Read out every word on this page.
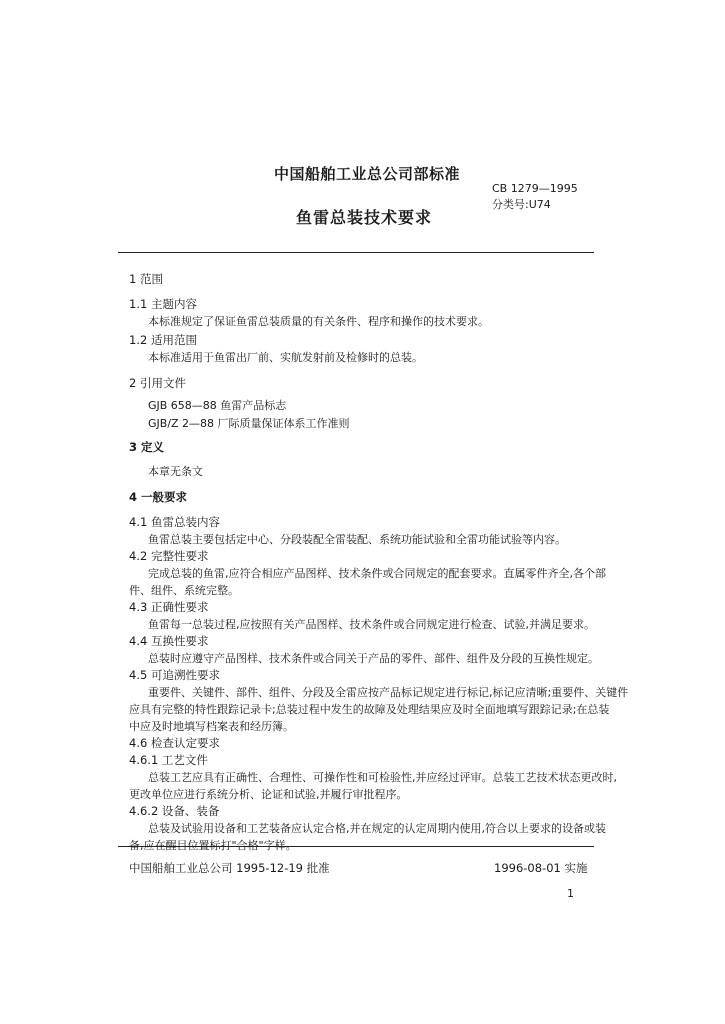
中国船舶工业总公司部标准
CB 1279—1995
分类号:U74
鱼雷总装技术要求
1 范围
1.1 主题内容
本标准规定了保证鱼雷总装质量的有关条件、程序和操作的技术要求。
1.2 适用范围
本标准适用于鱼雷出厂前、实航发射前及检修时的总装。
2 引用文件
GJB 658—88 鱼雷产品标志
GJB/Z 2—88 厂际质量保证体系工作准则
3 定义
本章无条文
4 一般要求
4.1 鱼雷总装内容
鱼雷总装主要包括定中心、分段装配全雷装配、系统功能试验和全雷功能试验等内容。
4.2 完整性要求
完成总装的鱼雷,应符合相应产品图样、技术条件或合同规定的配套要求。直属零件齐全,各个部
件、组件、系统完整。
4.3 正确性要求
鱼雷每一总装过程,应按照有关产品图样、技术条件或合同规定进行检查、试验,并满足要求。
4.4 互换性要求
总装时应遵守产品图样、技术条件或合同关于产品的零件、部件、组件及分段的互换性规定。
4.5 可追溯性要求
重要件、关键件、部件、组件、分段及全雷应按产品标记规定进行标记,标记应清晰;重要件、关键件
应具有完整的特性跟踪记录卡;总装过程中发生的故障及处理结果应及时全面地填写跟踪记录;在总装
中应及时地填写档案表和经历簿。
4.6 检查认定要求
4.6.1 工艺文件
总装工艺应具有正确性、合理性、可操作性和可检验性,并应经过评审。总装工艺技术状态更改时,
更改单位应进行系统分析、论证和试验,并履行审批程序。
4.6.2 设备、装备
总装及试验用设备和工艺装备应认定合格,并在规定的认定周期内使用,符合以上要求的设备或装
备,应在醒目位置标打"合格"字样。
中国船舶工业总公司 1995-12-19 批准	1996-08-01 实施
1
